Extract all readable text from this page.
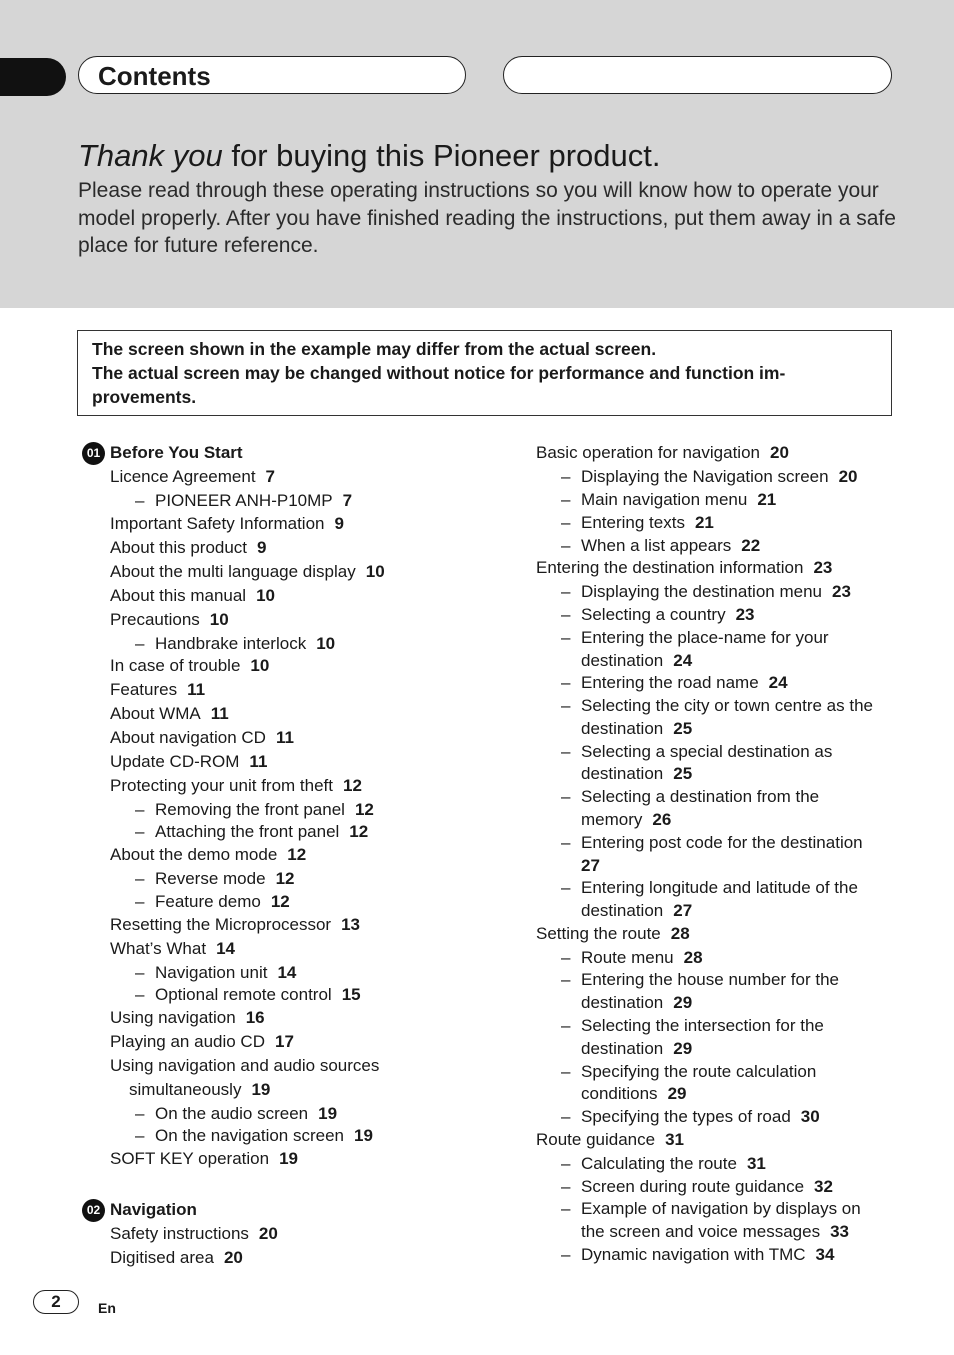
Contents
Thank you for buying this Pioneer product.
Please read through these operating instructions so you will know how to operate your model properly. After you have finished reading the instructions, put them away in a safe place for future reference.
The screen shown in the example may differ from the actual screen.
The actual screen may be changed without notice for performance and function im-provements.
01 Before You Start
02 Navigation
Licence Agreement 7
– PIONEER ANH-P10MP 7
Important Safety Information 9
About this product 9
About the multi language display 10
About this manual 10
Precautions 10
– Handbrake interlock 10
In case of trouble 10
Features 11
About WMA 11
About navigation CD 11
Update CD-ROM 11
Protecting your unit from theft 12
– Removing the front panel 12
– Attaching the front panel 12
About the demo mode 12
– Reverse mode 12
– Feature demo 12
Resetting the Microprocessor 13
What’s What 14
– Navigation unit 14
– Optional remote control 15
Using navigation 16
Playing an audio CD 17
Using navigation and audio sources
simultaneously 19
– On the audio screen 19
– On the navigation screen 19
SOFT KEY operation 19
Safety instructions 20
Digitised area 20
Basic operation for navigation 20
– Displaying the Navigation screen 20
– Main navigation menu 21
– Entering texts 21
– When a list appears 22
Entering the destination information 23
– Displaying the destination menu 23
– Selecting a country 23
– Entering the place-name for your
destination 24
– Entering the road name 24
– Selecting the city or town centre as the
destination 25
– Selecting a special destination as
destination 25
– Selecting a destination from the
memory 26
– Entering post code for the destination
27
– Entering longitude and latitude of the
destination 27
Setting the route 28
– Route menu 28
– Entering the house number for the
destination 29
– Selecting the intersection for the
destination 29
– Specifying the route calculation
conditions 29
– Specifying the types of road 30
Route guidance 31
– Calculating the route 31
– Screen during route guidance 32
– Example of navigation by displays on
the screen and voice messages 33
– Dynamic navigation with TMC 34
2	En
